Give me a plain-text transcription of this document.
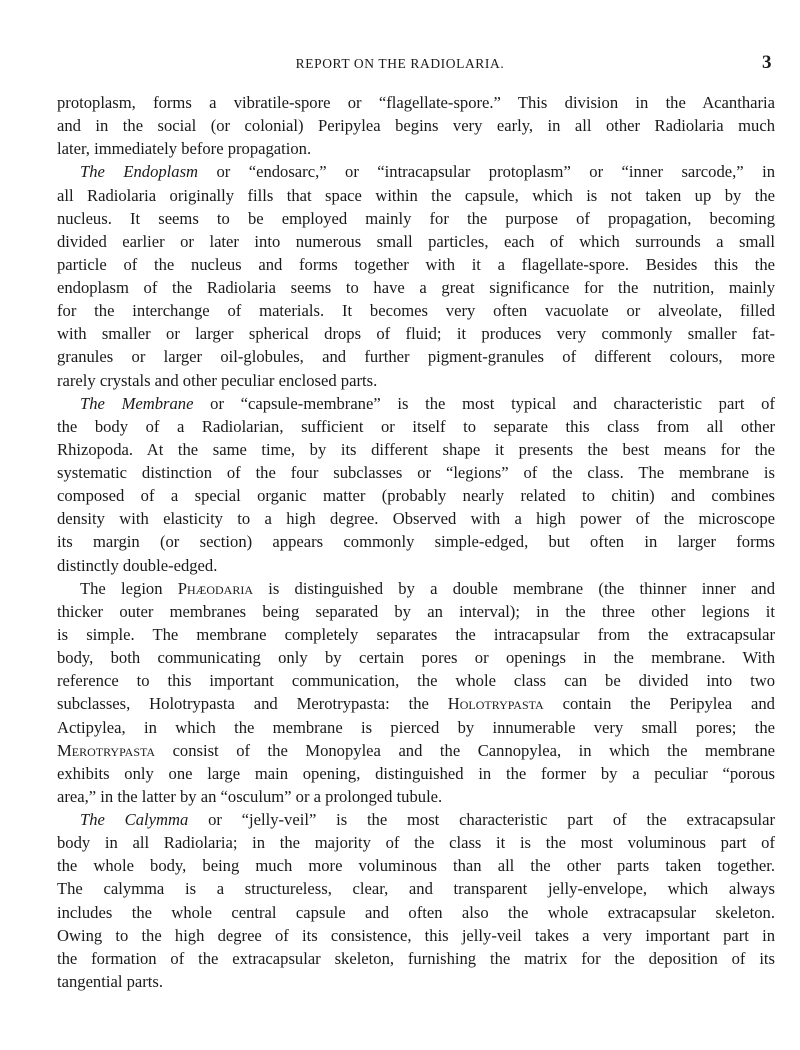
REPORT ON THE RADIOLARIA.	3
protoplasm, forms a vibratile-spore or “flagellate-spore.” This division in the Acantharia
and in the social (or colonial) Peripylea begins very early, in all other Radiolaria much
later, immediately before propagation.
The Endoplasm or “endosarc,” or “intracapsular protoplasm” or “inner sarcode,” in
all Radiolaria originally fills that space within the capsule, which is not taken up by the
nucleus. It seems to be employed mainly for the purpose of propagation, becoming
divided earlier or later into numerous small particles, each of which surrounds a small
particle of the nucleus and forms together with it a flagellate-spore. Besides this the
endoplasm of the Radiolaria seems to have a great significance for the nutrition, mainly
for the interchange of materials. It becomes very often vacuolate or alveolate, filled
with smaller or larger spherical drops of fluid; it produces very commonly smaller fat-
granules or larger oil-globules, and further pigment-granules of different colours, more
rarely crystals and other peculiar enclosed parts.
The Membrane or “capsule-membrane” is the most typical and characteristic part of
the body of a Radiolarian, sufficient or itself to separate this class from all other
Rhizopoda. At the same time, by its different shape it presents the best means for the
systematic distinction of the four subclasses or “legions” of the class. The membrane is
composed of a special organic matter (probably nearly related to chitin) and combines
density with elasticity to a high degree. Observed with a high power of the microscope
its margin (or section) appears commonly simple-edged, but often in larger forms
distinctly double-edged.
The legion Phæodaria is distinguished by a double membrane (the thinner inner and
thicker outer membranes being separated by an interval); in the three other legions it
is simple. The membrane completely separates the intracapsular from the extracapsular
body, both communicating only by certain pores or openings in the membrane. With
reference to this important communication, the whole class can be divided into two
subclasses, Holotrypasta and Merotrypasta: the Holotrypasta contain the Peripylea and
Actipylea, in which the membrane is pierced by innumerable very small pores; the
Merotrypasta consist of the Monopylea and the Cannopylea, in which the membrane
exhibits only one large main opening, distinguished in the former by a peculiar “porous
area,” in the latter by an “osculum” or a prolonged tubule.
The Calymma or “jelly-veil” is the most characteristic part of the extracapsular
body in all Radiolaria; in the majority of the class it is the most voluminous part of
the whole body, being much more voluminous than all the other parts taken together.
The calymma is a structureless, clear, and transparent jelly-envelope, which always
includes the whole central capsule and often also the whole extracapsular skeleton.
Owing to the high degree of its consistence, this jelly-veil takes a very important part in
the formation of the extracapsular skeleton, furnishing the matrix for the deposition of its
tangential parts.
